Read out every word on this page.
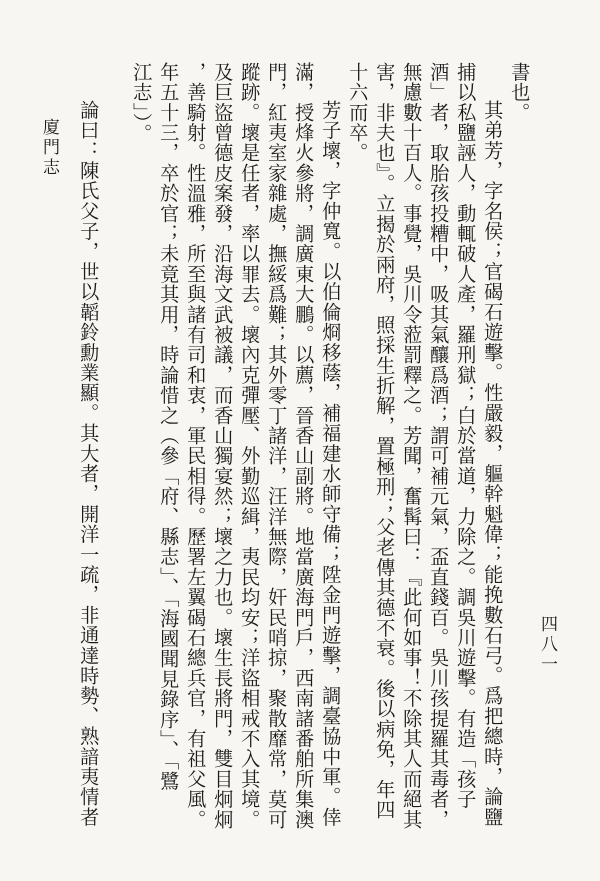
四八一
廈門志
書也。
其弟芳，字名侯；官碣石遊擊。性嚴毅，軀幹魁偉；能挽數石弓。爲把總時，論鹽
捕以私鹽誣人，動輒破人產，羅刑獄；白於當道，力除之。調吳川遊擊。有造「孩子
酒」者，取胎孩投糟中，吸其氣釀爲酒；謂可補元氣，盃直錢百。吳川孩提羅其毒者，
無慮數十百人。事覺，吳川令蒞罰釋之。芳聞，奮髯曰：『此何如事！不除其人而絕其
害，非夫也』。立揭於兩府，照採生折解，置極刑；父老傳其德不衰。後以病免，年四
十六而卒。
芳子壞，字仲寬。以伯倫烱移蔭，補福建水師守備；陞金門遊擊，調臺協中軍。倖
滿，授烽火參將，調廣東大鵬。以薦，晉香山副將。地當廣海門戶，西南諸番舶所集澳
門，紅夷室家雜處，撫綏爲難；其外零丁諸洋，汪洋無際，奸民哨掠，聚散靡常，莫可
蹤跡。壞是任者，率以罪去。壞內克彈壓、外勤巡緝，夷民均安；洋盜相戒不入其境。
及巨盜曾德皮案發，沿海文武被議，而香山獨宴然；壞之力也。壞生長將門，雙目炯炯
，善騎射。性溫雅，所至與諸有司和衷，軍民相得。歷署左翼碣石總兵官，有祖父風。
年五十三，卒於官；未竟其用，時論惜之（參「府、縣志」、「海國聞見錄序」、「鷺
江志」）。
論曰：陳氏父子，世以韜鈴勳業顯。其大者，開洋一疏，非通達時勢、熟諳夷情者
